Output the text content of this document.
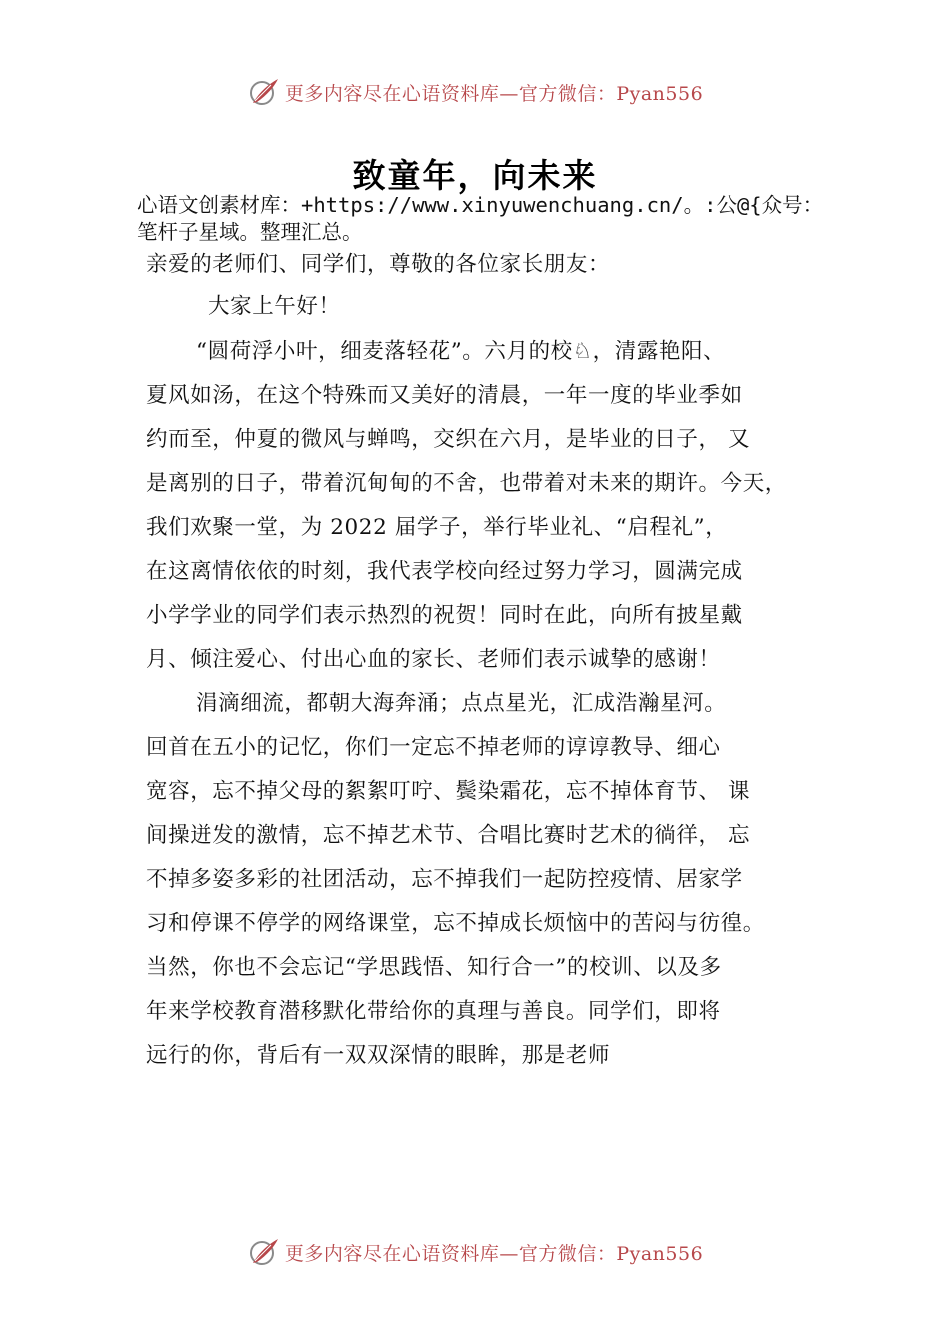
更多内容尽在心语资料库—官方微信：Pyan556
致童年，向未来
心语文创素材库：+https://www.xinyuwenchuang.cn/。:公@{众号：笔杆子星域。整理汇总。
亲爱的老师们、同学们，尊敬的各位家长朋友：
大家上午好！
“圆荷浮小叶，细麦落轻花”。六月的校♘，清露艳阳、
夏风如汤，在这个特殊而又美好的清晨，一年一度的毕业季如
约而至，仲夏的微风与蝉鸣，交织在六月，是毕业的日子， 又
是离别的日子，带着沉甸甸的不舍，也带着对未来的期许。今天，
我们欢聚一堂，为 2022 届学子，举行毕业礼、“启程礼”，
在这离情依依的时刻，我代表学校向经过努力学习，圆满完成
小学学业的同学们表示热烈的祝贺！同时在此，向所有披星戴
月、倾注爱心、付出心血的家长、老师们表示诚挚的感谢！
涓滴细流，都朝大海奔涌；点点星光，汇成浩瀚星河。
回首在五小的记忆，你们一定忘不掉老师的谆谆教导、细心
宽容，忘不掉父母的絮絮叮咛、鬓染霜花，忘不掉体育节、 课
间操迸发的激情，忘不掉艺术节、合唱比赛时艺术的徜徉， 忘
不掉多姿多彩的社团活动，忘不掉我们一起防控疫情、居家学
习和停课不停学的网络课堂，忘不掉成长烦恼中的苦闷与彷徨。
当然，你也不会忘记“学思践悟、知行合一”的校训、以及多
年来学校教育潜移默化带给你的真理与善良。同学们，即将
远行的你，背后有一双双深情的眼眸，那是老师
更多内容尽在心语资料库—官方微信：Pyan556
